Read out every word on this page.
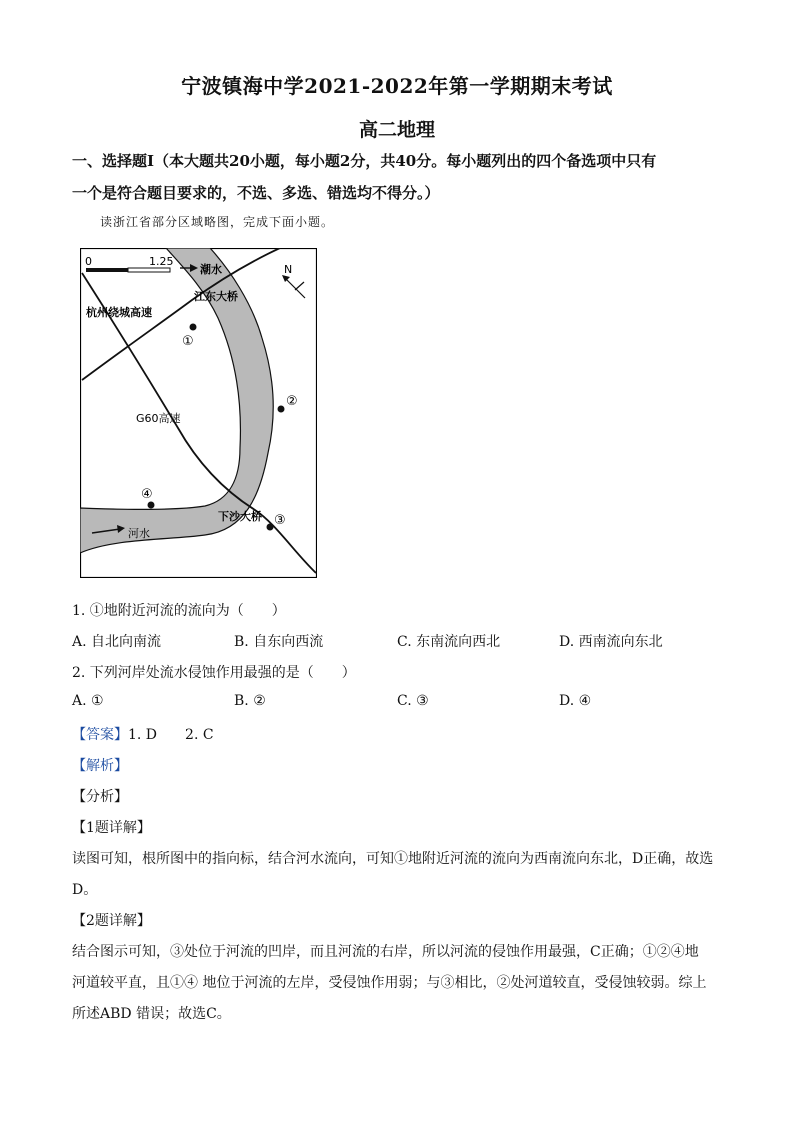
宁波镇海中学2021-2022年第一学期期末考试
高二地理
一、选择题Ⅰ（本大题共20小题，每小题2分，共40分。每小题列出的四个备选项中只有
一个是符合题目要求的，不选、多选、错选均不得分。）
读浙江省部分区域略图，完成下面小题。
0	1.25
N
潮水
江东大桥
杭州绕城高速
G60高速
下沙大桥
河水
①
②
③
④
1. ①地附近河流的流向为（　　）
A. 自北向南流	B. 自东向西流	C. 东南流向西北	D. 西南流向东北
2. 下列河岸处流水侵蚀作用最强的是（　　）
A. ①	B. ②	C. ③	D. ④
【答案】1. D　　2. C
【解析】
【分析】
【1题详解】
读图可知，根所图中的指向标，结合河水流向，可知①地附近河流的流向为西南流向东北，D正确，故选
D。
【2题详解】
结合图示可知，③处位于河流的凹岸，而且河流的右岸，所以河流的侵蚀作用最强，C正确；①②④地
河道较平直，且①④ 地位于河流的左岸，受侵蚀作用弱；与③相比，②处河道较直，受侵蚀较弱。综上
所述ABD 错误；故选C。
